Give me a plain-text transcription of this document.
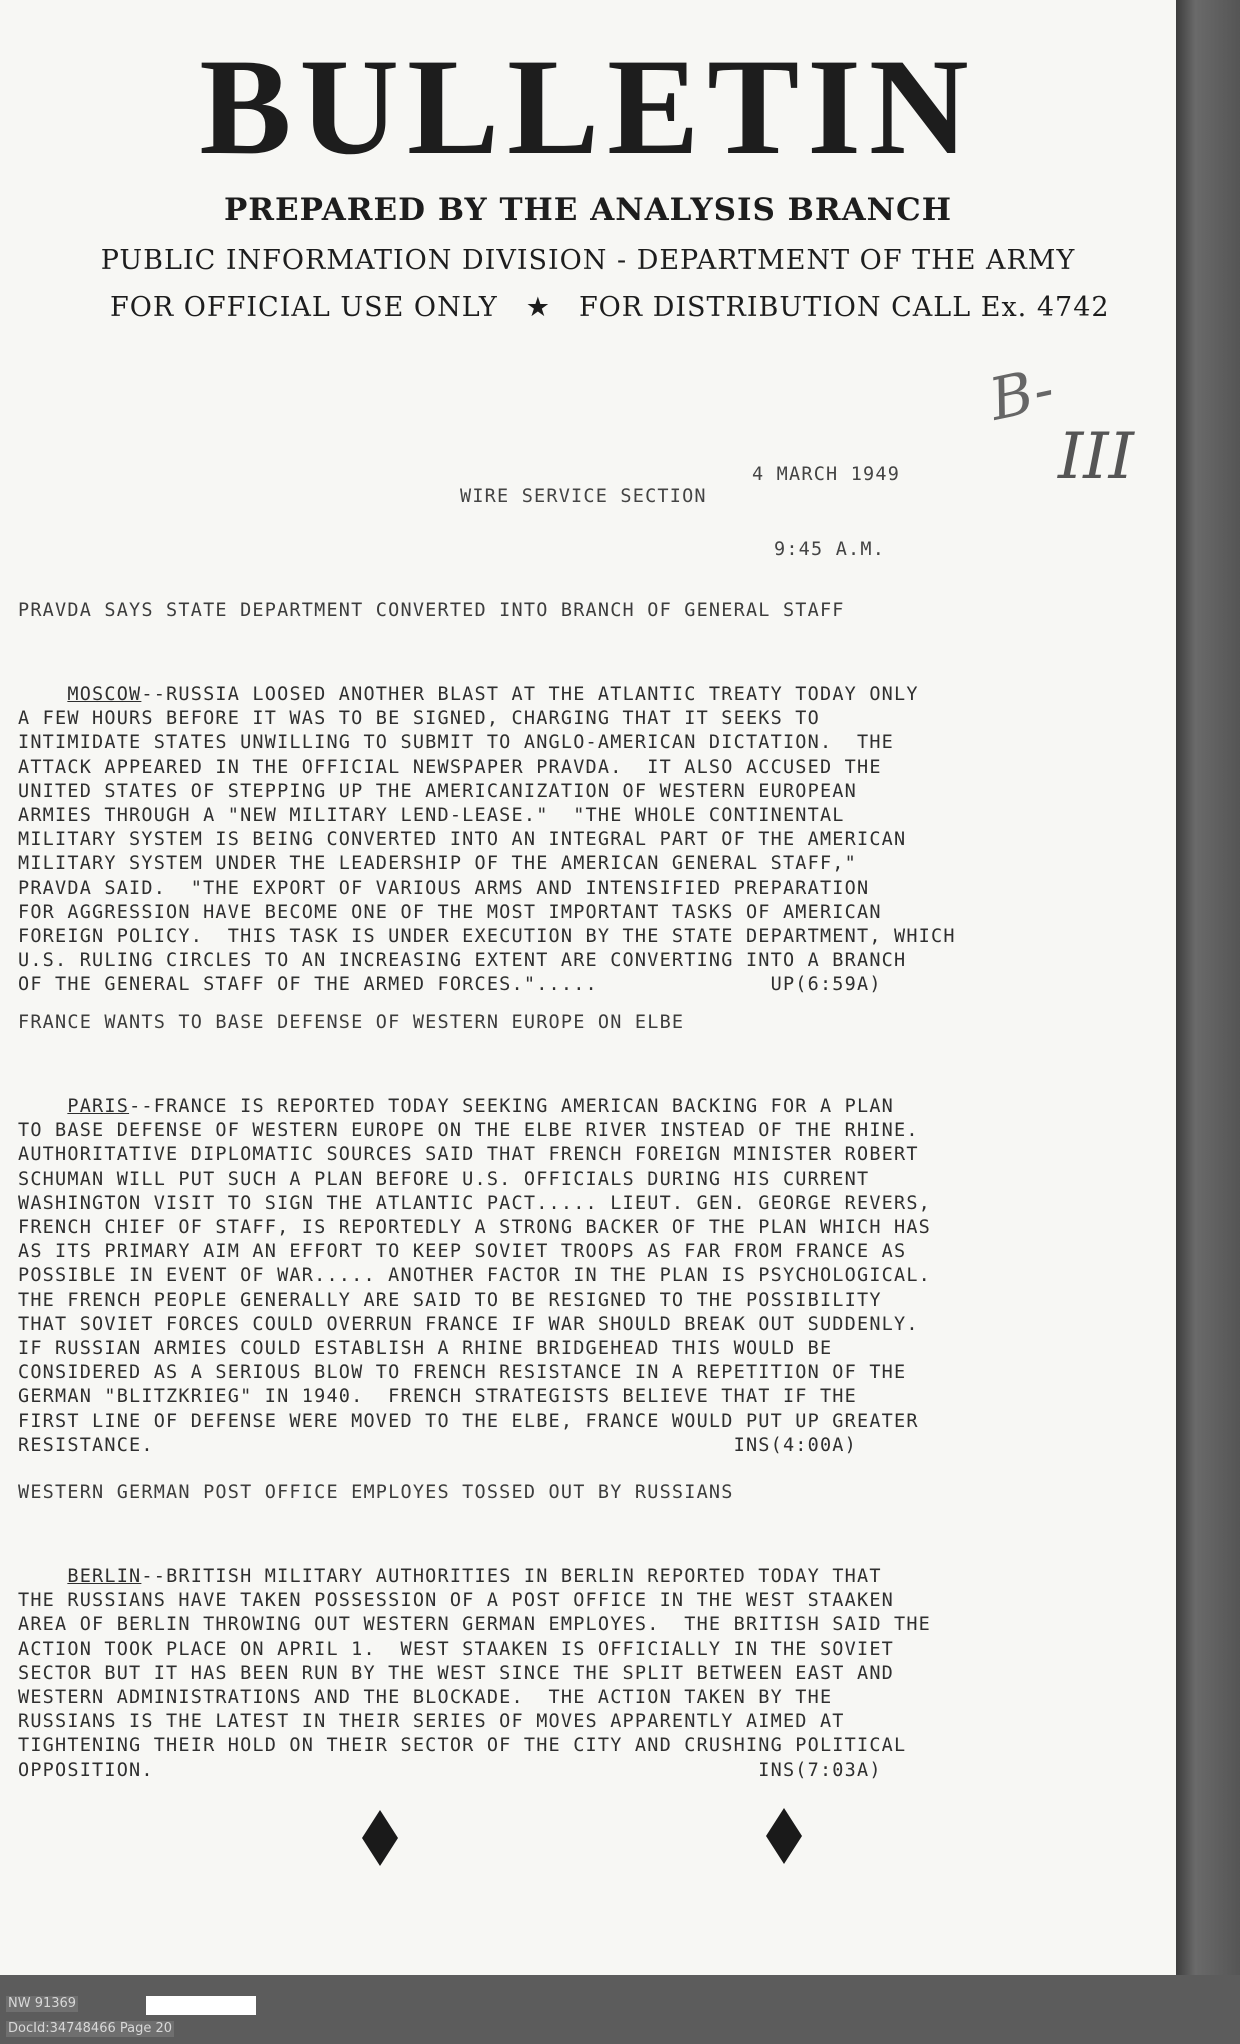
BULLETIN
PREPARED BY THE ANALYSIS BRANCH
PUBLIC INFORMATION DIVISION - DEPARTMENT OF THE ARMY
FOR OFFICIAL USE ONLY ★ FOR DISTRIBUTION CALL Ex. 4742
B-
III

4 MARCH 1949

9:45 A.M.

WIRE SERVICE SECTION

PRAVDA SAYS STATE DEPARTMENT CONVERTED INTO BRANCH OF GENERAL STAFF

MOSCOW--RUSSIA LOOSED ANOTHER BLAST AT THE ATLANTIC TREATY TODAY ONLY
A FEW HOURS BEFORE IT WAS TO BE SIGNED, CHARGING THAT IT SEEKS TO
INTIMIDATE STATES UNWILLING TO SUBMIT TO ANGLO-AMERICAN DICTATION.  THE
ATTACK APPEARED IN THE OFFICIAL NEWSPAPER PRAVDA.  IT ALSO ACCUSED THE
UNITED STATES OF STEPPING UP THE AMERICANIZATION OF WESTERN EUROPEAN
ARMIES THROUGH A "NEW MILITARY LEND-LEASE."  "THE WHOLE CONTINENTAL
MILITARY SYSTEM IS BEING CONVERTED INTO AN INTEGRAL PART OF THE AMERICAN
MILITARY SYSTEM UNDER THE LEADERSHIP OF THE AMERICAN GENERAL STAFF,"
PRAVDA SAID.  "THE EXPORT OF VARIOUS ARMS AND INTENSIFIED PREPARATION
FOR AGGRESSION HAVE BECOME ONE OF THE MOST IMPORTANT TASKS OF AMERICAN
FOREIGN POLICY.  THIS TASK IS UNDER EXECUTION BY THE STATE DEPARTMENT, WHICH
U.S. RULING CIRCLES TO AN INCREASING EXTENT ARE CONVERTING INTO A BRANCH
OF THE GENERAL STAFF OF THE ARMED FORCES.".....              UP(6:59A)

FRANCE WANTS TO BASE DEFENSE OF WESTERN EUROPE ON ELBE

PARIS--FRANCE IS REPORTED TODAY SEEKING AMERICAN BACKING FOR A PLAN
TO BASE DEFENSE OF WESTERN EUROPE ON THE ELBE RIVER INSTEAD OF THE RHINE.
AUTHORITATIVE DIPLOMATIC SOURCES SAID THAT FRENCH FOREIGN MINISTER ROBERT
SCHUMAN WILL PUT SUCH A PLAN BEFORE U.S. OFFICIALS DURING HIS CURRENT
WASHINGTON VISIT TO SIGN THE ATLANTIC PACT..... LIEUT. GEN. GEORGE REVERS,
FRENCH CHIEF OF STAFF, IS REPORTEDLY A STRONG BACKER OF THE PLAN WHICH HAS
AS ITS PRIMARY AIM AN EFFORT TO KEEP SOVIET TROOPS AS FAR FROM FRANCE AS
POSSIBLE IN EVENT OF WAR..... ANOTHER FACTOR IN THE PLAN IS PSYCHOLOGICAL.
THE FRENCH PEOPLE GENERALLY ARE SAID TO BE RESIGNED TO THE POSSIBILITY
THAT SOVIET FORCES COULD OVERRUN FRANCE IF WAR SHOULD BREAK OUT SUDDENLY.
IF RUSSIAN ARMIES COULD ESTABLISH A RHINE BRIDGEHEAD THIS WOULD BE
CONSIDERED AS A SERIOUS BLOW TO FRENCH RESISTANCE IN A REPETITION OF THE
GERMAN "BLITZKRIEG" IN 1940.  FRENCH STRATEGISTS BELIEVE THAT IF THE
FIRST LINE OF DEFENSE WERE MOVED TO THE ELBE, FRANCE WOULD PUT UP GREATER
RESISTANCE.                                               INS(4:00A)

WESTERN GERMAN POST OFFICE EMPLOYES TOSSED OUT BY RUSSIANS

BERLIN--BRITISH MILITARY AUTHORITIES IN BERLIN REPORTED TODAY THAT
THE RUSSIANS HAVE TAKEN POSSESSION OF A POST OFFICE IN THE WEST STAAKEN
AREA OF BERLIN THROWING OUT WESTERN GERMAN EMPLOYES.  THE BRITISH SAID THE
ACTION TOOK PLACE ON APRIL 1.  WEST STAAKEN IS OFFICIALLY IN THE SOVIET
SECTOR BUT IT HAS BEEN RUN BY THE WEST SINCE THE SPLIT BETWEEN EAST AND
WESTERN ADMINISTRATIONS AND THE BLOCKADE.  THE ACTION TAKEN BY THE
RUSSIANS IS THE LATEST IN THEIR SERIES OF MOVES APPARENTLY AIMED AT
TIGHTENING THEIR HOLD ON THEIR SECTOR OF THE CITY AND CRUSHING POLITICAL
OPPOSITION.                                                 INS(7:03A)

NW 91369
DocId:34748466 Page 20
